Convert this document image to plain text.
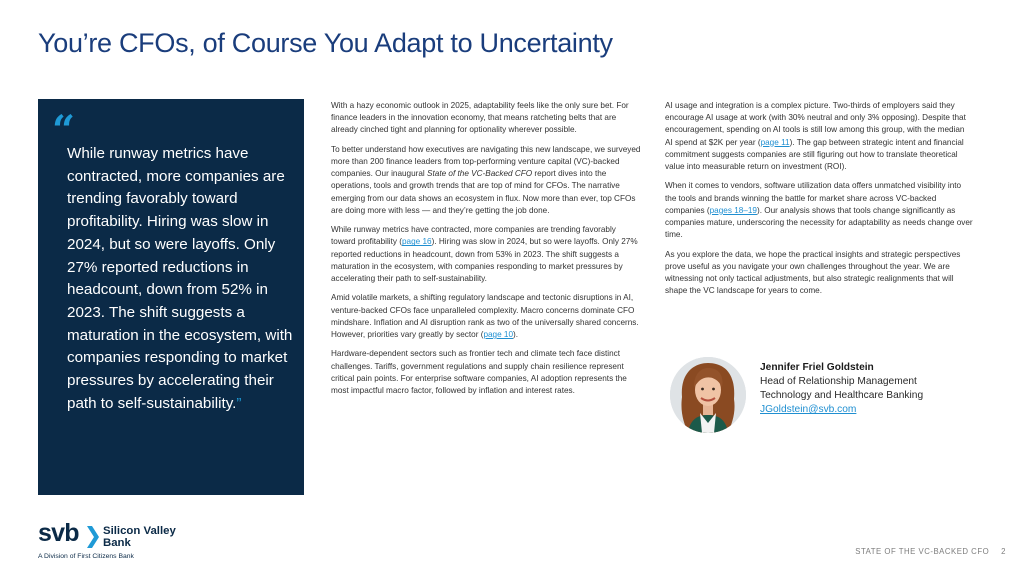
You’re CFOs, of Course You Adapt to Uncertainty
“
While runway metrics have contracted, more companies are trending favorably toward profitability. Hiring was slow in 2024, but so were layoffs. Only 27% reported reductions in headcount, down from 52% in 2023. The shift suggests a maturation in the ecosystem, with companies responding to market pressures by accelerating their path to self-sustainability.”

With a hazy economic outlook in 2025, adaptability feels like the only sure bet. For finance leaders in the innovation economy, that means ratcheting belts that are already cinched tight and planning for optionality wherever possible.

To better understand how executives are navigating this new landscape, we surveyed more than 200 finance leaders from top-performing venture capital (VC)-backed companies. Our inaugural State of the VC-Backed CFO report dives into the operations, tools and growth trends that are top of mind for CFOs. The narrative emerging from our data shows an ecosystem in flux. Now more than ever, top CFOs are doing more with less — and they’re getting the job done.

While runway metrics have contracted, more companies are trending favorably toward profitability (page 16). Hiring was slow in 2024, but so were layoffs. Only 27% reported reductions in headcount, down from 53% in 2023. The shift suggests a maturation in the ecosystem, with companies responding to market pressures by accelerating their path to self-sustainability.

Amid volatile markets, a shifting regulatory landscape and tectonic disruptions in AI, venture-backed CFOs face unparalleled complexity. Macro concerns dominate CFO mindshare. Inflation and AI disruption rank as two of the universally shared concerns. However, priorities vary greatly by sector (page 10).

Hardware-dependent sectors such as frontier tech and climate tech face distinct challenges. Tariffs, government regulations and supply chain resilience represent critical pain points. For enterprise software companies, AI adoption represents the most impactful macro factor, followed by inflation and interest rates.

AI usage and integration is a complex picture. Two-thirds of employers said they encourage AI usage at work (with 30% neutral and only 3% opposing). Despite that encouragement, spending on AI tools is still low among this group, with the median AI spend at $2K per year (page 11). The gap between strategic intent and financial commitment suggests companies are still figuring out how to translate theoretical value into measurable return on investment (ROI).

When it comes to vendors, software utilization data offers unmatched visibility into the tools and brands winning the battle for market share across VC-backed companies (pages 18–19). Our analysis shows that tools change significantly as companies mature, underscoring the necessity for adaptability as needs change over time.

As you explore the data, we hope the practical insights and strategic perspectives prove useful as you navigate your own challenges throughout the year. We are witnessing not only tactical adjustments, but also strategic realignments that will shape the VC landscape for years to come.

Jennifer Friel Goldstein
Head of Relationship Management
Technology and Healthcare Banking
JGoldstein@svb.com
svb Silicon Valley
Bank
A Division of First Citizens Bank
STATE OF THE VC-BACKED CFO 2
